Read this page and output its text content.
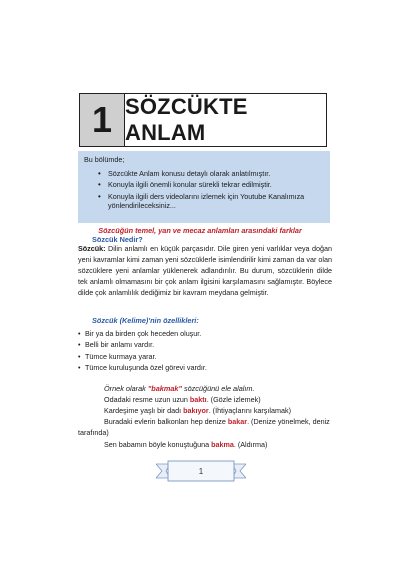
1 SÖZCÜKTE ANLAM

Bu bölümde;

• Sözcükte Anlam konusu detaylı olarak anlatılmıştır.
• Konuyla ilgili önemli konular sürekli tekrar edilmiştir.
• Konuyla ilgili ders videolarını izlemek için Youtube Kanalımıza yönlendirileceksiniz...
Sözcüğün temel, yan ve mecaz anlamları arasındaki farklar
Sözcük Nedir?
Sözcük: Dilin anlamlı en küçük parçasıdır. Dile giren yeni varlıklar veya doğan yeni kavramlar kimi zaman yeni sözcüklerle isimlendirilir kimi zaman da var olan sözcüklere yeni anlamlar yüklenerek adlandırılır. Bu durum, sözcüklerin dilde tek anlamlı olmamasını bir çok anlam ilgisini karşılamasını sağlamıştır. Böylece dilde çok anlamlılık dediğimiz bir kavram meydana gelmiştir.
Sözcük (Kelime)'nin özellikleri:
• Bir ya da birden çok heceden oluşur.
• Belli bir anlamı vardır.
• Tümce kurmaya yarar.
• Tümce kuruluşunda özel görevi vardır.
Örnek olarak "bakmak" sözcüğünü ele alalım.

Odadaki resme uzun uzun baktı. (Gözle izlemek)

Kardeşime yaşlı bir dadı bakıyor. (İhtiyaçlarını karşılamak)

Buradaki evlerin balkonları hep denize bakar. (Denize yönelmek, deniz tarafında)

Sen babamın böyle konuştuğuna bakma. (Aldırma)

1
